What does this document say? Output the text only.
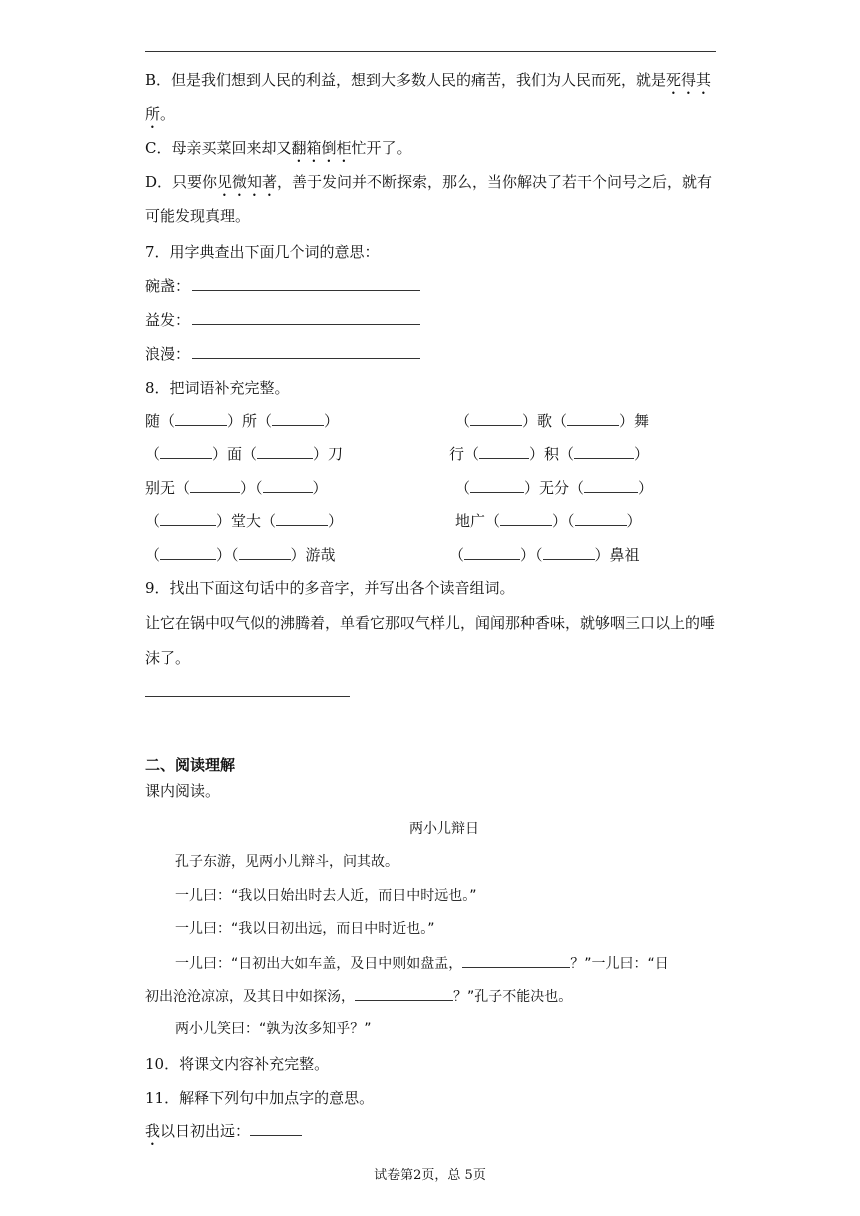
B．但是我们想到人民的利益，想到大多数人民的痛苦，我们为人民而死，就是死得其
所。
C．母亲买菜回来却又翻箱倒柜忙开了。
D．只要你见微知著，善于发问并不断探索，那么，当你解决了若干个问号之后，就有
可能发现真理。
7．用字典查出下面几个词的意思：
碗盏：
益发：
浪漫：
8．把词语补充完整。
随（	）所（	）	（	）歌（	）舞
（	）面（	）刀	行（	）积（	）
别无（	）（	）	（	）无分（	）
（	）堂大（	）	地广（	）（	）
（	）（	）游哉	（	）（	）鼻祖
9．找出下面这句话中的多音字，并写出各个读音组词。
让它在锅中叹气似的沸腾着，单看它那叹气样儿，闻闻那种香味，就够咽三口以上的唾
沫了。
二、阅读理解
课内阅读。
两小儿辩日
孔子东游，见两小儿辩斗，问其故。
一儿曰：“我以日始出时去人近，而日中时远也。”
一儿曰：“我以日初出远，而日中时近也。”
一儿曰：“日初出大如车盖，及日中则如盘盂，	？”一儿曰：“日
初出沧沧凉凉，及其日中如探汤，	？”孔子不能决也。
两小儿笑曰：“孰为汝多知乎？”
10．将课文内容补充完整。
11．解释下列句中加点字的意思。
我以日初出远：
试卷第2页，总 5页
